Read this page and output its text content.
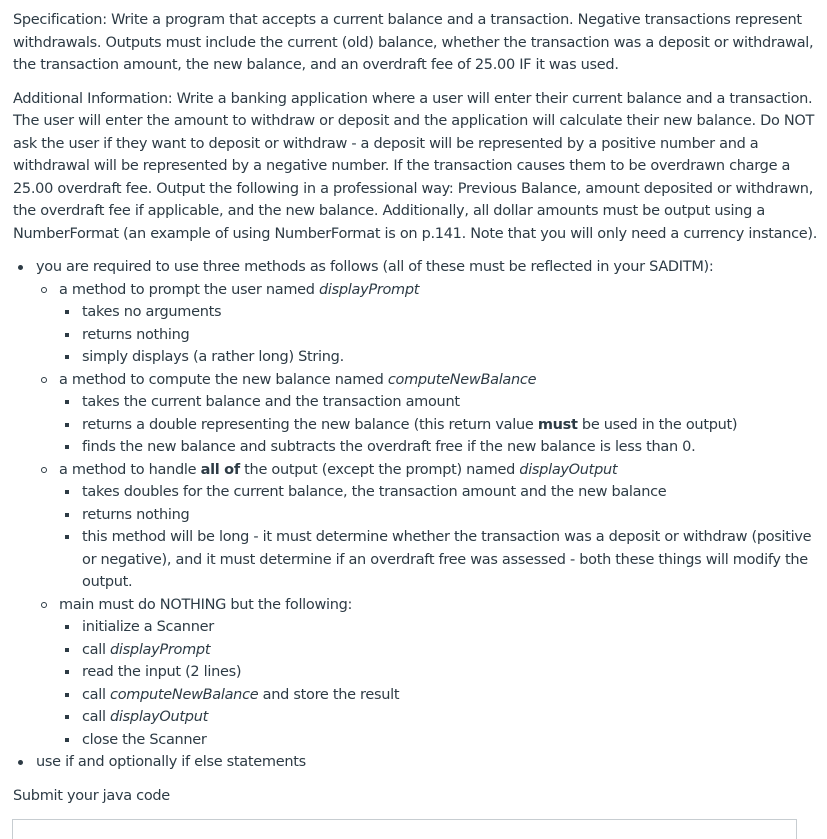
Specification: Write a program that accepts a current balance and a transaction. Negative transactions represent withdrawals. Outputs must include the current (old) balance, whether the transaction was a deposit or withdrawal, the transaction amount, the new balance, and an overdraft fee of 25.00 IF it was used.

Additional Information: Write a banking application where a user will enter their current balance and a transaction. The user will enter the amount to withdraw or deposit and the application will calculate their new balance. Do NOT ask the user if they want to deposit or withdraw - a deposit will be represented by a positive number and a withdrawal will be represented by a negative number. If the transaction causes them to be overdrawn charge a 25.00 overdraft fee. Output the following in a professional way: Previous Balance, amount deposited or withdrawn, the overdraft fee if applicable, and the new balance. Additionally, all dollar amounts must be output using a NumberFormat (an example of using NumberFormat is on p.141. Note that you will only need a currency instance).

you are required to use three methods as follows (all of these must be reflected in your SADITM):
a method to prompt the user named displayPrompt
takes no arguments
returns nothing
simply displays (a rather long) String.
a method to compute the new balance named computeNewBalance
takes the current balance and the transaction amount
returns a double representing the new balance (this return value must be used in the output)
finds the new balance and subtracts the overdraft free if the new balance is less than 0.
a method to handle all of the output (except the prompt) named displayOutput
takes doubles for the current balance, the transaction amount and the new balance
returns nothing
this method will be long - it must determine whether the transaction was a deposit or withdraw (positive or negative), and it must determine if an overdraft free was assessed - both these things will modify the output.
main must do NOTHING but the following:
initialize a Scanner
call displayPrompt
read the input (2 lines)
call computeNewBalance and store the result
call displayOutput
close the Scanner
use if and optionally if else statements

Submit your java code
